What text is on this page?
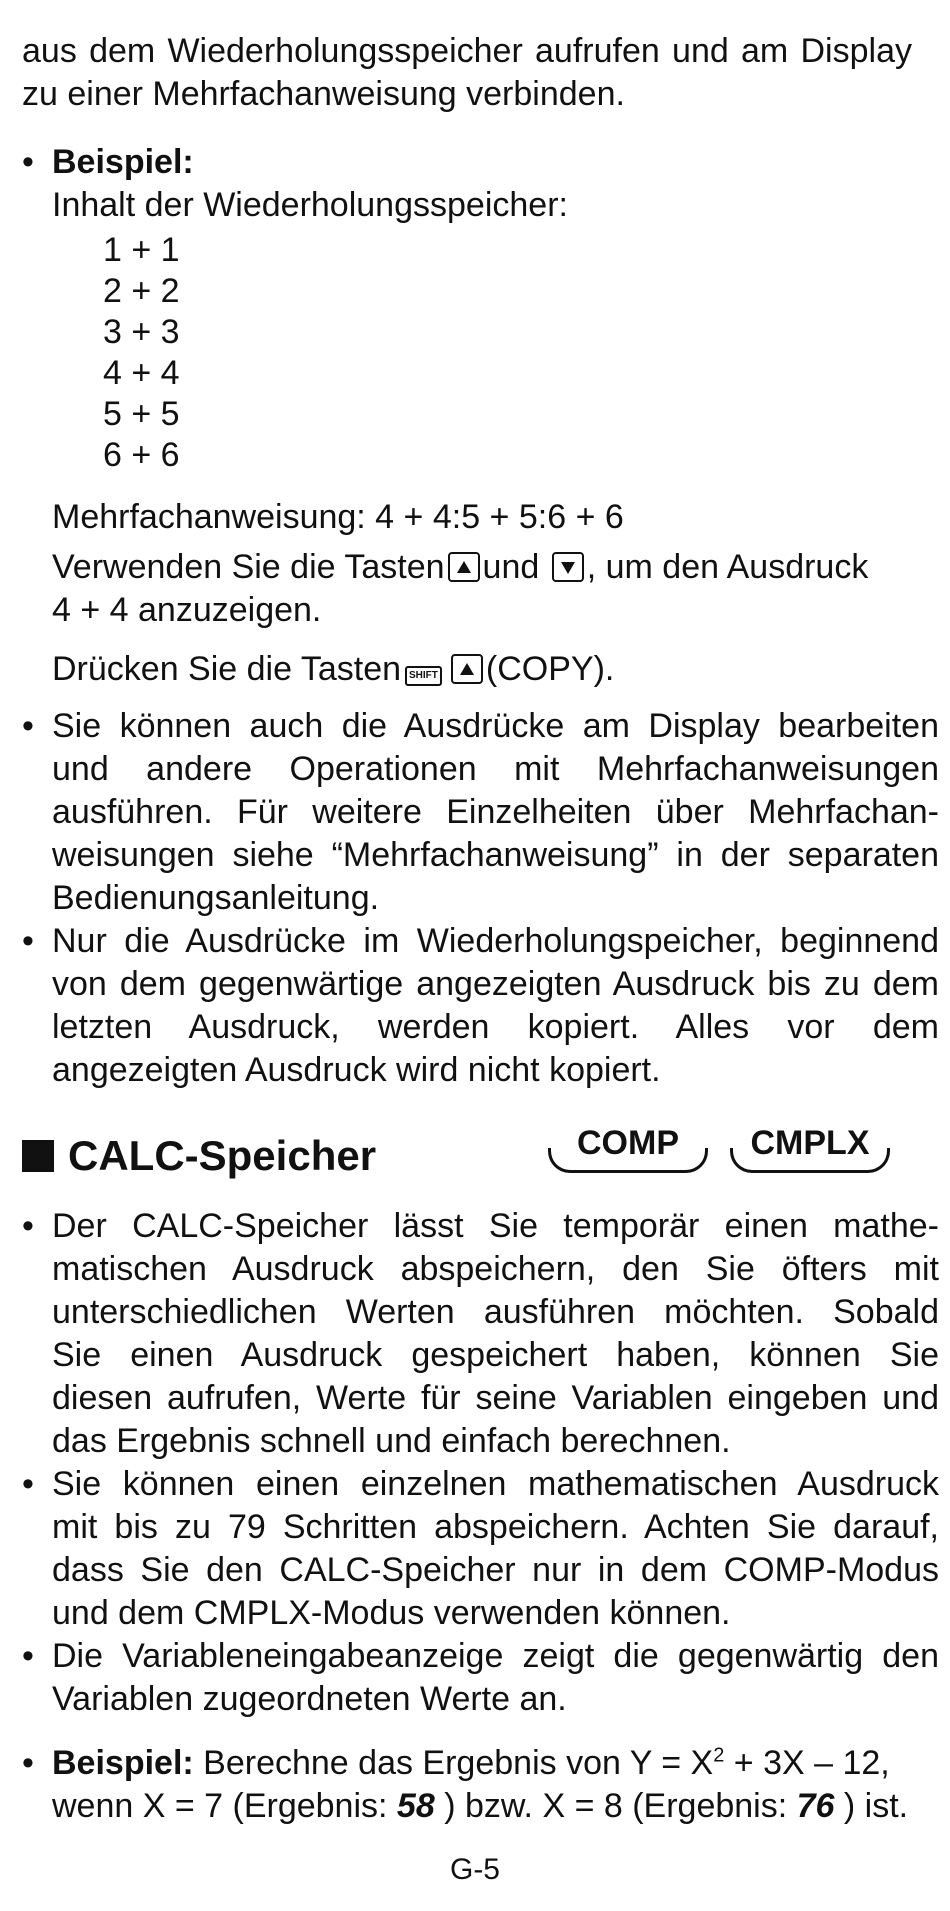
aus dem Wiederholungsspeicher aufrufen und am Display
zu einer Mehrfachanweisung verbinden.
• Beispiel:
Inhalt der Wiederholungsspeicher:
1 + 1
2 + 2
3 + 3
4 + 4
5 + 5
6 + 6
Mehrfachanweisung: 4 + 4:5 + 5:6 + 6
Verwenden Sie die Tasten und , um den Ausdruck
4 + 4 anzuzeigen.
Drücken Sie die Tasten SHIFT (COPY).
• Sie können auch die Ausdrücke am Display bearbeiten
und andere Operationen mit Mehrfachanweisungen
ausführen. Für weitere Einzelheiten über Mehrfachan-
weisungen siehe “Mehrfachanweisung” in der separaten
Bedienungsanleitung.
• Nur die Ausdrücke im Wiederholungspeicher, beginnend
von dem gegenwärtige angezeigten Ausdruck bis zu dem
letzten Ausdruck, werden kopiert. Alles vor dem
angezeigten Ausdruck wird nicht kopiert.
CALC-Speicher	COMP	CMPLX
• Der CALC-Speicher lässt Sie temporär einen mathe-
matischen Ausdruck abspeichern, den Sie öfters mit
unterschiedlichen Werten ausführen möchten. Sobald
Sie einen Ausdruck gespeichert haben, können Sie
diesen aufrufen, Werte für seine Variablen eingeben und
das Ergebnis schnell und einfach berechnen.
• Sie können einen einzelnen mathematischen Ausdruck
mit bis zu 79 Schritten abspeichern. Achten Sie darauf,
dass Sie den CALC-Speicher nur in dem COMP-Modus
und dem CMPLX-Modus verwenden können.
• Die Variableneingabeanzeige zeigt die gegenwärtig den
Variablen zugeordneten Werte an.
• Beispiel: Berechne das Ergebnis von $Y = X^2 + 3X - 12$,
wenn X = 7 (Ergebnis: 58 ) bzw. X = 8 (Ergebnis: 76 ) ist.
G-5
